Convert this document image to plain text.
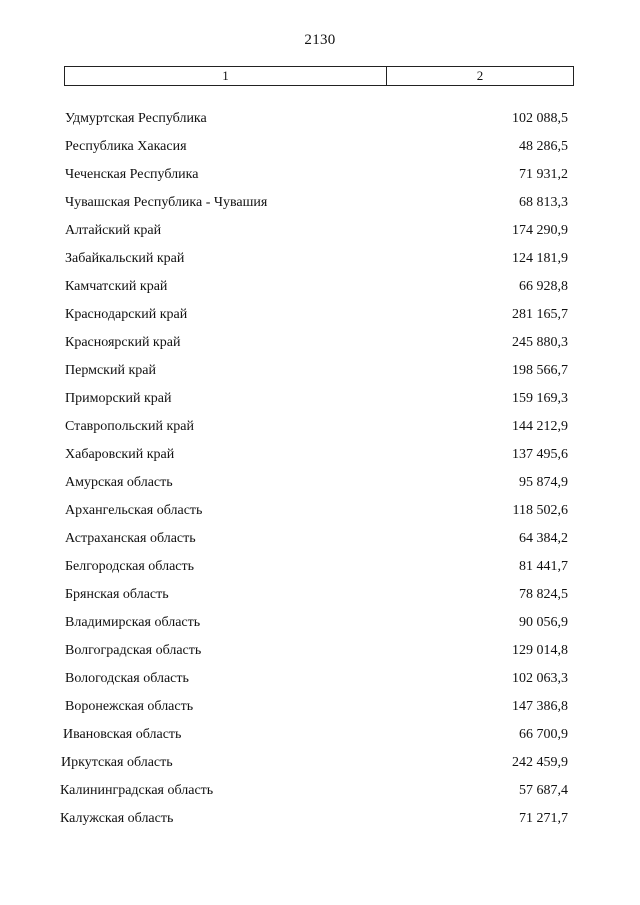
2130
1	2
Удмуртская Республика	102 088,5
Республика Хакасия	48 286,5
Чеченская Республика	71 931,2
Чувашская Республика - Чувашия	68 813,3
Алтайский край	174 290,9
Забайкальский край	124 181,9
Камчатский край	66 928,8
Краснодарский край	281 165,7
Красноярский край	245 880,3
Пермский край	198 566,7
Приморский край	159 169,3
Ставропольский край	144 212,9
Хабаровский край	137 495,6
Амурская область	95 874,9
Архангельская область	118 502,6
Астраханская область	64 384,2
Белгородская область	81 441,7
Брянская область	78 824,5
Владимирская область	90 056,9
Волгоградская область	129 014,8
Вологодская область	102 063,3
Воронежская область	147 386,8
Ивановская область	66 700,9
Иркутская область	242 459,9
Калининградская область	57 687,4
Калужская область	71 271,7
